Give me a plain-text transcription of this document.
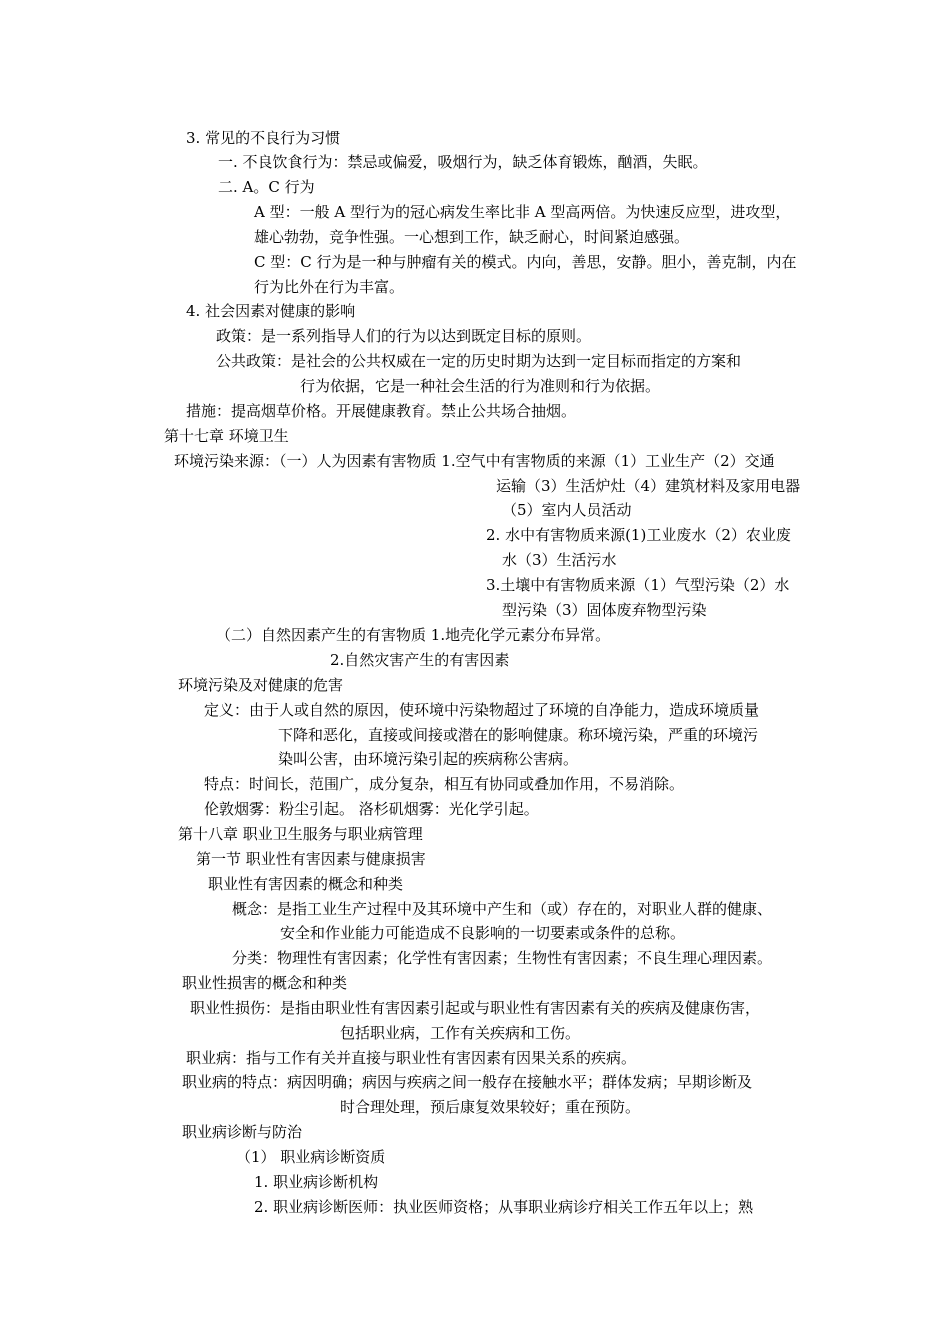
3. 常见的不良行为习惯
一. 不良饮食行为：禁忌或偏爱，吸烟行为，缺乏体育锻炼，酗酒，失眠。
二. A。C 行为
A 型：一般 A 型行为的冠心病发生率比非 A 型高两倍。为快速反应型，进攻型，
雄心勃勃，竞争性强。一心想到工作，缺乏耐心，时间紧迫感强。
C 型：C 行为是一种与肿瘤有关的模式。内向，善思，安静。胆小，善克制，内在
行为比外在行为丰富。
4. 社会因素对健康的影响
政策：是一系列指导人们的行为以达到既定目标的原则。
公共政策：是社会的公共权威在一定的历史时期为达到一定目标而指定的方案和
行为依据，它是一种社会生活的行为准则和行为依据。
措施：提高烟草价格。开展健康教育。禁止公共场合抽烟。
第十七章 环境卫生
环境污染来源：（一）人为因素有害物质 1.空气中有害物质的来源（1）工业生产（2）交通
运输（3）生活炉灶（4）建筑材料及家用电器
（5）室内人员活动
2. 水中有害物质来源(1)工业废水（2）农业废
水（3）生活污水
3.土壤中有害物质来源（1）气型污染（2）水
型污染（3）固体废弃物型污染
（二）自然因素产生的有害物质 1.地壳化学元素分布异常。
2.自然灾害产生的有害因素
环境污染及对健康的危害
定义：由于人或自然的原因，使环境中污染物超过了环境的自净能力，造成环境质量
下降和恶化，直接或间接或潜在的影响健康。称环境污染，严重的环境污
染叫公害，由环境污染引起的疾病称公害病。
特点：时间长，范围广，成分复杂，相互有协同或叠加作用，不易消除。
伦敦烟雾：粉尘引起。 洛杉矶烟雾：光化学引起。
第十八章 职业卫生服务与职业病管理
第一节 职业性有害因素与健康损害
职业性有害因素的概念和种类
概念：是指工业生产过程中及其环境中产生和（或）存在的，对职业人群的健康、
安全和作业能力可能造成不良影响的一切要素或条件的总称。
分类：物理性有害因素；化学性有害因素；生物性有害因素；不良生理心理因素。
职业性损害的概念和种类
职业性损伤：是指由职业性有害因素引起或与职业性有害因素有关的疾病及健康伤害，
包括职业病，工作有关疾病和工伤。
职业病：指与工作有关并直接与职业性有害因素有因果关系的疾病。
职业病的特点：病因明确；病因与疾病之间一般存在接触水平；群体发病；早期诊断及
时合理处理，预后康复效果较好；重在预防。
职业病诊断与防治
（1） 职业病诊断资质
1. 职业病诊断机构
2. 职业病诊断医师：执业医师资格；从事职业病诊疗相关工作五年以上；熟
